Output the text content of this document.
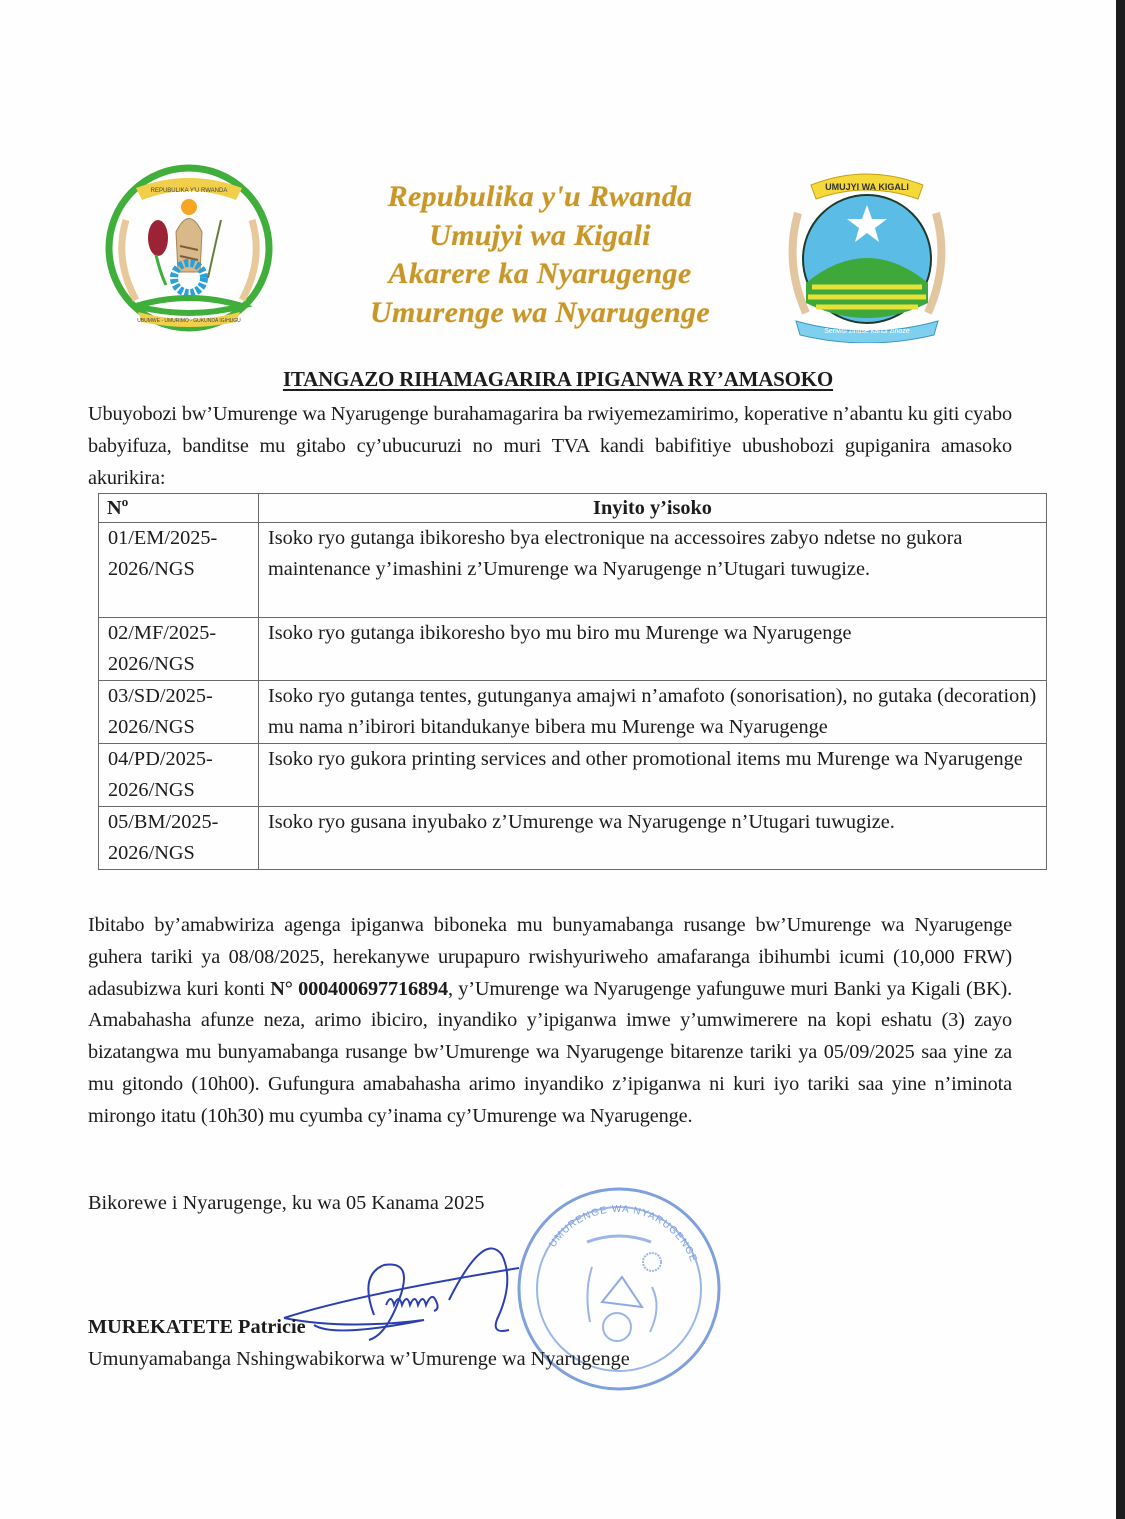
REPUBULIKA Y'U RWANDA
UBUMWE - UMURIMO - GUKUNDA IGIHUGU
Repubulika y'u Rwanda
Umujyi wa Kigali
Akarere ka Nyarugenge
Umurenge wa Nyarugenge
UMUJYI WA KIGALI
Serivisi zihuse kandi zinoze
ITANGAZO RIHAMAGARIRA IPIGANWA RY’AMASOKO
Ubuyobozi bw’Umurenge wa Nyarugenge burahamagarira ba rwiyemezamirimo, koperative n’abantu ku giti cyabo babyifuza, banditse mu gitabo cy’ubucuruzi no muri TVA kandi babifitiye ubushobozi gupiganira amasoko akurikira:
Nº	Inyito y’isoko
01/EM/2025-2026/NGS	Isoko ryo gutanga ibikoresho bya electronique na accessoires zabyo ndetse no gukora maintenance y’imashini z’Umurenge wa Nyarugenge n’Utugari tuwugize.
02/MF/2025-2026/NGS	Isoko ryo gutanga ibikoresho byo mu biro mu Murenge wa Nyarugenge
03/SD/2025-2026/NGS	Isoko ryo gutanga tentes, gutunganya amajwi n’amafoto (sonorisation), no gutaka (decoration) mu nama n’ibirori bitandukanye bibera mu Murenge wa Nyarugenge
04/PD/2025-2026/NGS	Isoko ryo gukora printing services and other promotional items mu Murenge wa Nyarugenge
05/BM/2025-2026/NGS	Isoko ryo gusana inyubako z’Umurenge wa Nyarugenge n’Utugari tuwugize.
Ibitabo by’amabwiriza agenga ipiganwa biboneka mu bunyamabanga rusange bw’Umurenge wa Nyarugenge guhera tariki ya 08/08/2025, herekanywe urupapuro rwishyuriweho amafaranga ibihumbi icumi (10,000 FRW) adasubizwa kuri konti N° 000400697716894, y’Umurenge wa Nyarugenge yafunguwe muri Banki ya Kigali (BK). Amabahasha afunze neza, arimo ibiciro, inyandiko y’ipiganwa imwe y’umwimerere na kopi eshatu (3) zayo bizatangwa mu bunyamabanga rusange bw’Umurenge wa Nyarugenge bitarenze tariki ya 05/09/2025 saa yine za mu gitondo (10h00). Gufungura amabahasha arimo inyandiko z’ipiganwa ni kuri iyo tariki saa yine n’iminota mirongo itatu (10h30) mu cyumba cy’inama cy’Umurenge wa Nyarugenge.
Bikorewe i Nyarugenge, ku wa 05 Kanama 2025
UMURENGE WA NYARUGENGE
MUREKATETE Patricie
Umunyamabanga Nshingwabikorwa w’Umurenge wa Nyarugenge
